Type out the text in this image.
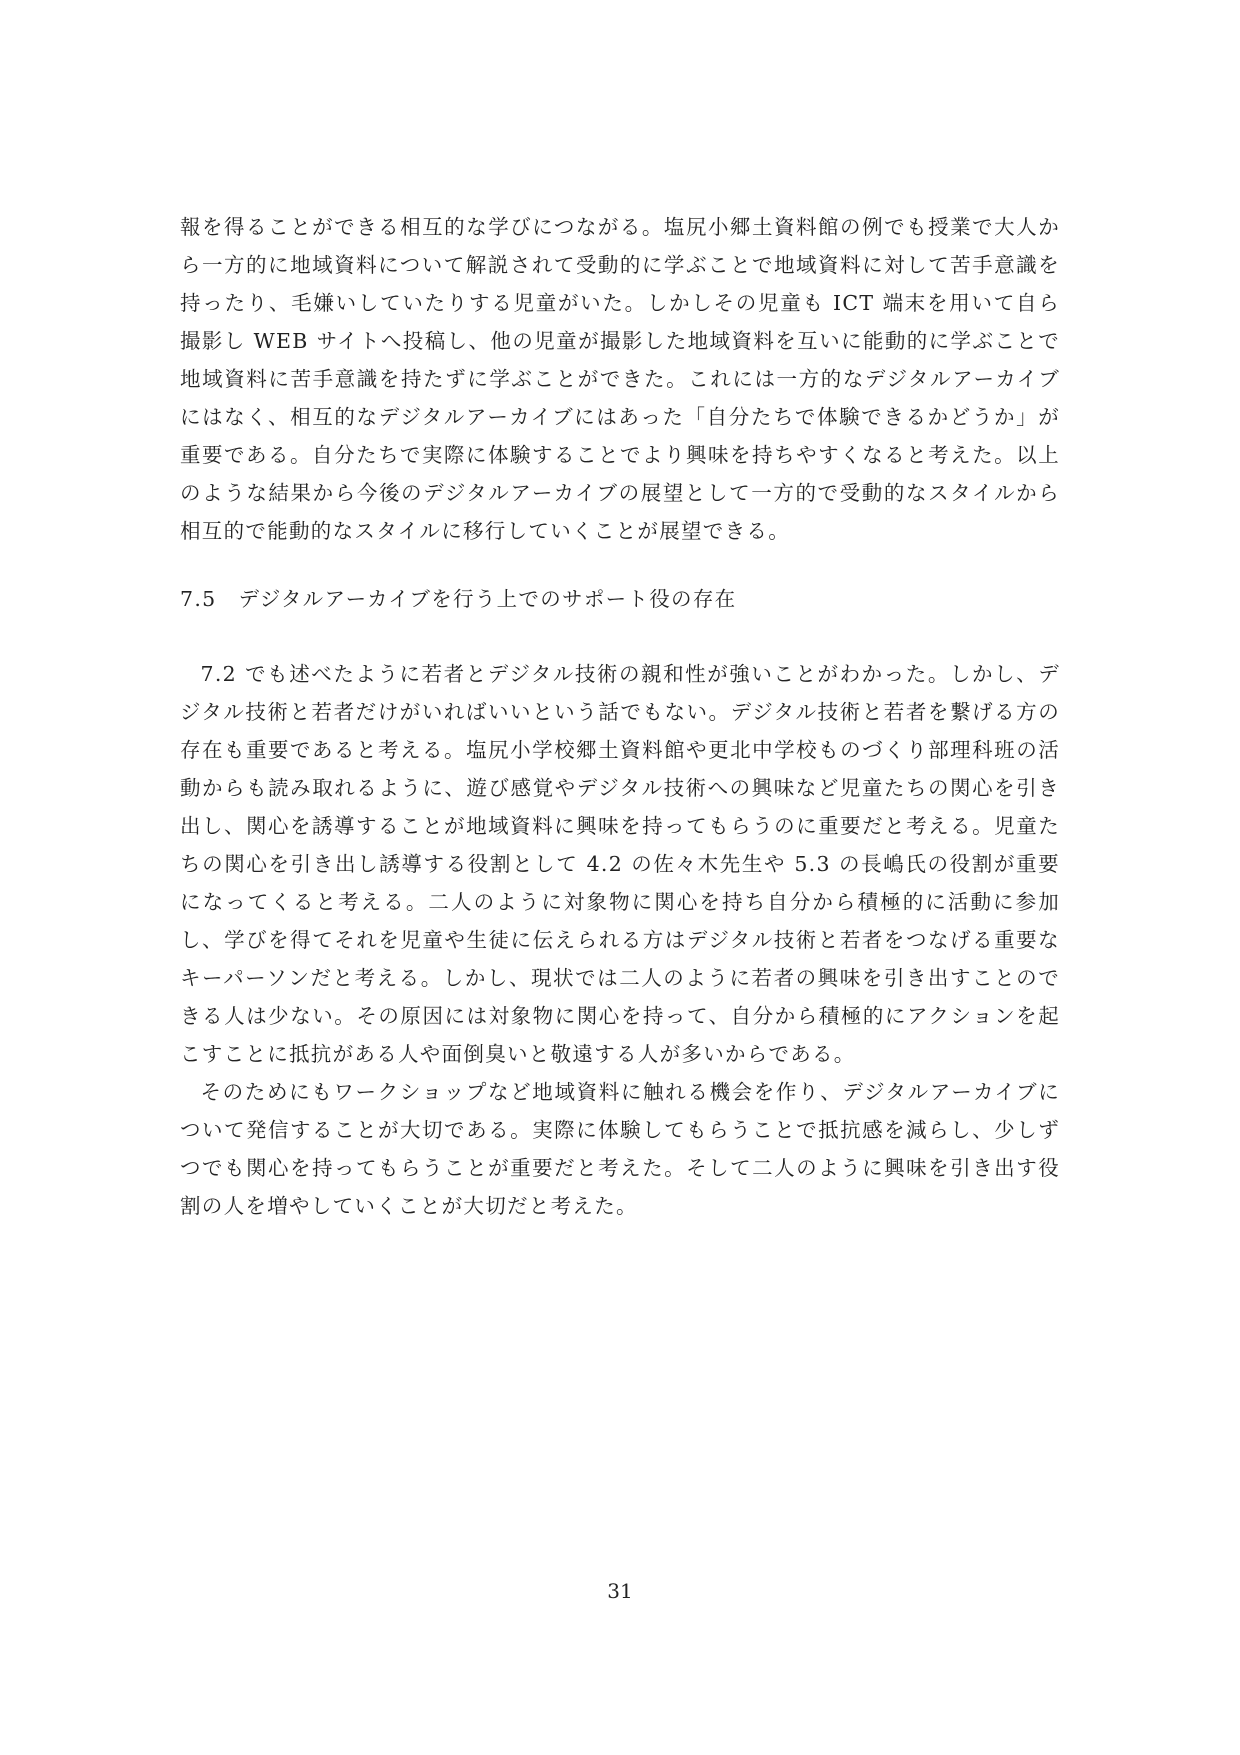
報を得ることができる相互的な学びにつながる。塩尻小郷土資料館の例でも授業で大人から一方的に地域資料について解説されて受動的に学ぶことで地域資料に対して苦手意識を持ったり、毛嫌いしていたりする児童がいた。しかしその児童も ICT 端末を用いて自ら撮影し WEB サイトへ投稿し、他の児童が撮影した地域資料を互いに能動的に学ぶことで地域資料に苦手意識を持たずに学ぶことができた。これには一方的なデジタルアーカイブにはなく、相互的なデジタルアーカイブにはあった「自分たちで体験できるかどうか」が重要である。自分たちで実際に体験することでより興味を持ちやすくなると考えた。以上のような結果から今後のデジタルアーカイブの展望として一方的で受動的なスタイルから相互的で能動的なスタイルに移行していくことが展望できる。

7.5 デジタルアーカイブを行う上でのサポート役の存在

7.2 でも述べたように若者とデジタル技術の親和性が強いことがわかった。しかし、デジタル技術と若者だけがいればいいという話でもない。デジタル技術と若者を繋げる方の存在も重要であると考える。塩尻小学校郷土資料館や更北中学校ものづくり部理科班の活動からも読み取れるように、遊び感覚やデジタル技術への興味など児童たちの関心を引き出し、関心を誘導することが地域資料に興味を持ってもらうのに重要だと考える。児童たちの関心を引き出し誘導する役割として 4.2 の佐々木先生や 5.3 の長嶋氏の役割が重要になってくると考える。二人のように対象物に関心を持ち自分から積極的に活動に参加し、学びを得てそれを児童や生徒に伝えられる方はデジタル技術と若者をつなげる重要なキーパーソンだと考える。しかし、現状では二人のように若者の興味を引き出すことのできる人は少ない。その原因には対象物に関心を持って、自分から積極的にアクションを起こすことに抵抗がある人や面倒臭いと敬遠する人が多いからである。

そのためにもワークショップなど地域資料に触れる機会を作り、デジタルアーカイブについて発信することが大切である。実際に体験してもらうことで抵抗感を減らし、少しずつでも関心を持ってもらうことが重要だと考えた。そして二人のように興味を引き出す役割の人を増やしていくことが大切だと考えた。

31
